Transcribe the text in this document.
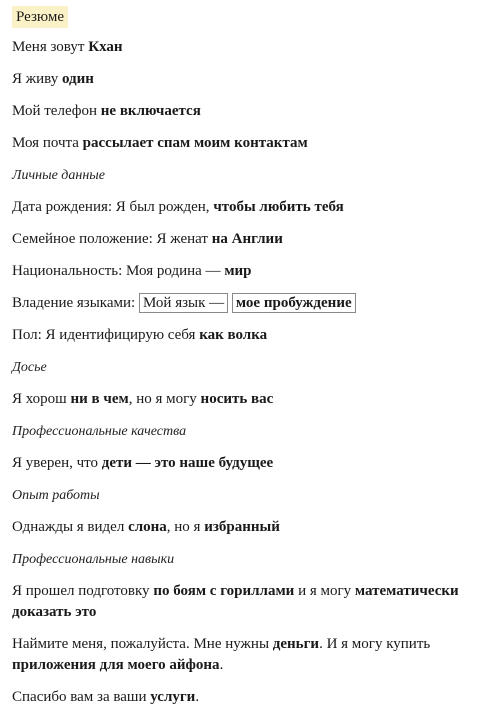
Резюме
Меня зовут Кхан
Я живу один
Мой телефон не включается
Моя почта рассылает спам моим контактам
Личные данные
Дата рождения: Я был рожден, чтобы любить тебя
Семейное положение: Я женат на Англии
Национальность: Моя родина — мир
Владение языками: Мой язык — мое пробуждение
Пол: Я идентифицирую себя как волка
Досье
Я хорош ни в чем, но я могу носить вас
Профессиональные качества
Я уверен, что дети — это наше будущее
Опыт работы
Однажды я видел слона, но я избранный
Профессиональные навыки
Я прошел подготовку по боям с гориллами и я могу математически доказать это
Наймите меня, пожалуйста. Мне нужны деньги. И я могу купить приложения для моего айфона.
Спасибо вам за ваши услуги.
